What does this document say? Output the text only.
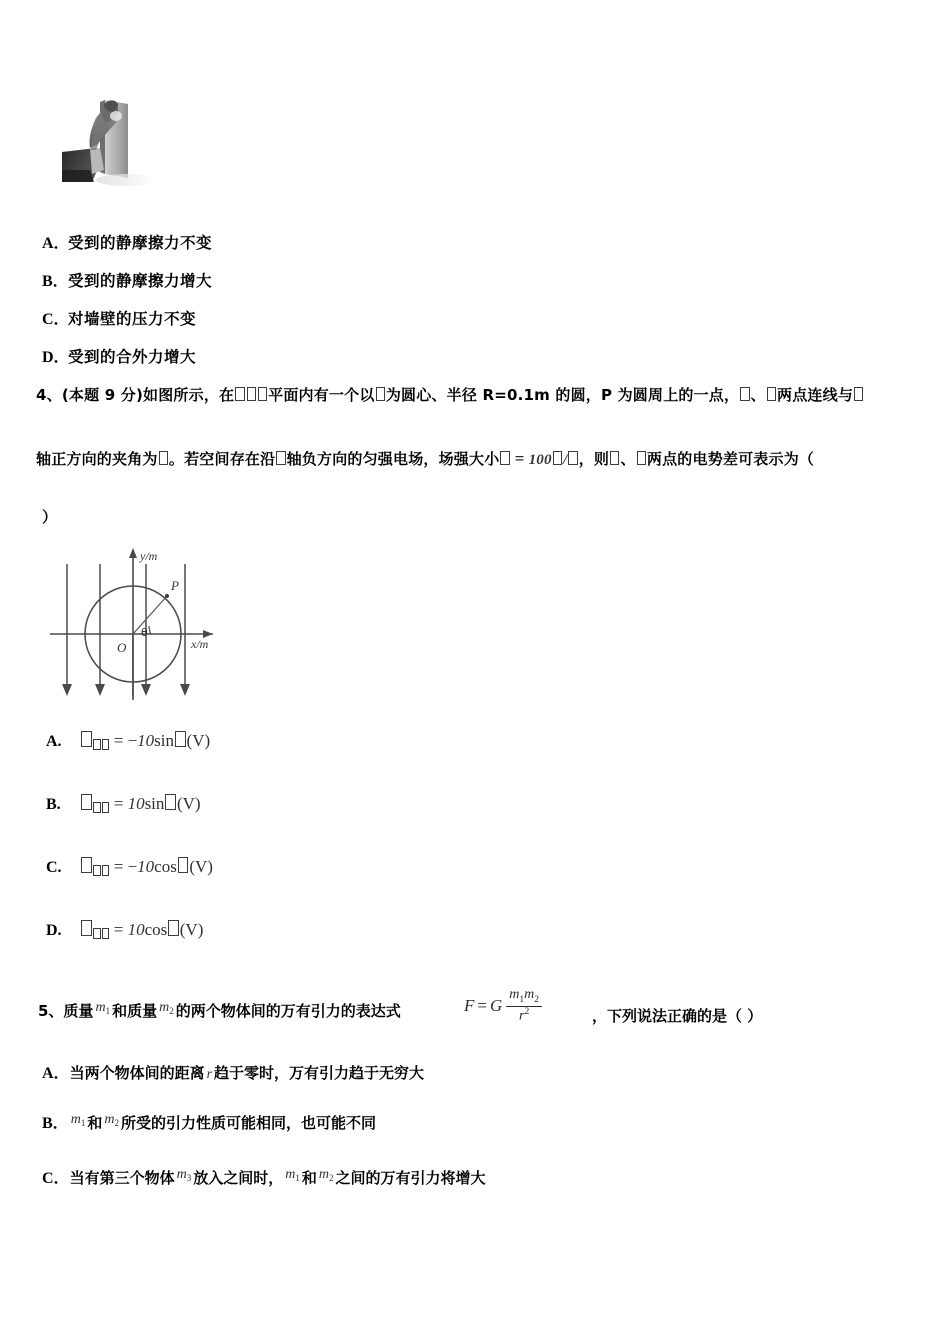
A．
受到的静摩擦力不变
B． 受到的静摩擦力增大
C．
对墙壁的压力不变
D．
受到的合外力增大
4、(本题 9 分)如图所示，在 平面内有一个以 为圆心、半径 R=0.1m 的圆，P 为圆周上的一点， 、 两点连线与
轴正方向的夹角为 。若空间存在沿 轴负方向的匀强电场，场强大小 = 100 / ，则 、 两点的电势差可表示为（
）
y/m
x/m
O
P
θ
A.	= −10sin (V)
B.	= 10sin (V)
C.	= −10cos (V)
D.	= 10cos (V)
5、质量 $m_1$ 和质量 $m_2$ 的两个物体间的万有引力的表达式	F = G $\frac{m_1m_2}{r^2}$	，下列说法正确的是（ ）
A． 当两个物体间的距离 r 趋于零时，万有引力趋于无穷大
B． $m_1$ 和 $m_2$ 所受的引力性质可能相同，也可能不同
C． 当有第三个物体 $m_3$ 放入之间时， $m_1$ 和 $m_2$ 之间的万有引力将增大
